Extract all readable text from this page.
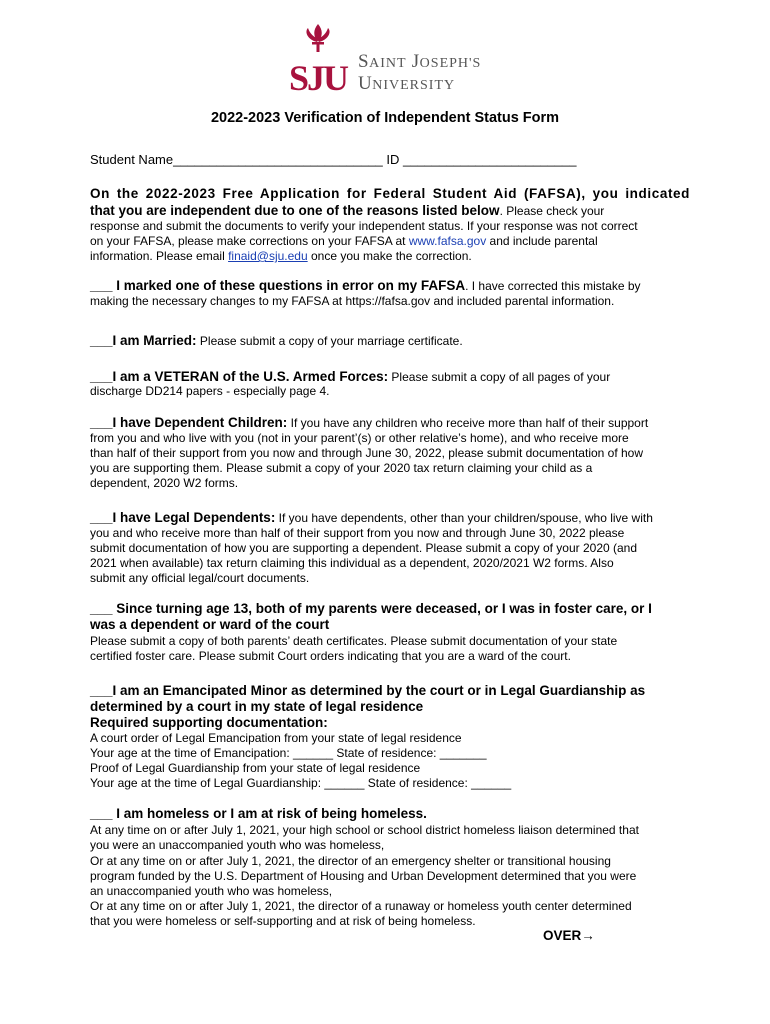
SJU SAINT JOSEPH'S
UNIVERSITY
2022-2023 Verification of Independent Status Form
Student Name_____________________________ ID ________________________
On the 2022-2023 Free Application for Federal Student Aid (FAFSA), you indicated
that you are independent due to one of the reasons listed below. Please check your
response and submit the documents to verify your independent status. If your response was not correct
on your FAFSA, please make corrections on your FAFSA at www.fafsa.gov and include parental
information. Please email finaid@sju.edu once you make the correction.
___ I marked one of these questions in error on my FAFSA. I have corrected this mistake by
making the necessary changes to my FAFSA at https://fafsa.gov and included parental information.
___I am Married: Please submit a copy of your marriage certificate.
___I am a VETERAN of the U.S. Armed Forces: Please submit a copy of all pages of your
discharge DD214 papers - especially page 4.
___I have Dependent Children: If you have any children who receive more than half of their support
from you and who live with you (not in your parent’(s) or other relative’s home), and who receive more
than half of their support from you now and through June 30, 2022, please submit documentation of how
you are supporting them. Please submit a copy of your 2020 tax return claiming your child as a
dependent, 2020 W2 forms.
___I have Legal Dependents: If you have dependents, other than your children/spouse, who live with
you and who receive more than half of their support from you now and through June 30, 2022 please
submit documentation of how you are supporting a dependent. Please submit a copy of your 2020 (and
2021 when available) tax return claiming this individual as a dependent, 2020/2021 W2 forms. Also
submit any official legal/court documents.
___ Since turning age 13, both of my parents were deceased, or I was in foster care, or I
was a dependent or ward of the court
Please submit a copy of both parents’ death certificates. Please submit documentation of your state
certified foster care. Please submit Court orders indicating that you are a ward of the court.
___I am an Emancipated Minor as determined by the court or in Legal Guardianship as
determined by a court in my state of legal residence
Required supporting documentation:
A court order of Legal Emancipation from your state of legal residence
Your age at the time of Emancipation: ______ State of residence: _______
Proof of Legal Guardianship from your state of legal residence
Your age at the time of Legal Guardianship: ______ State of residence: ______
___ I am homeless or I am at risk of being homeless.
At any time on or after July 1, 2021, your high school or school district homeless liaison determined that
you were an unaccompanied youth who was homeless,
Or at any time on or after July 1, 2021, the director of an emergency shelter or transitional housing
program funded by the U.S. Department of Housing and Urban Development determined that you were
an unaccompanied youth who was homeless,
Or at any time on or after July 1, 2021, the director of a runaway or homeless youth center determined
that you were homeless or self-supporting and at risk of being homeless.
OVER→
